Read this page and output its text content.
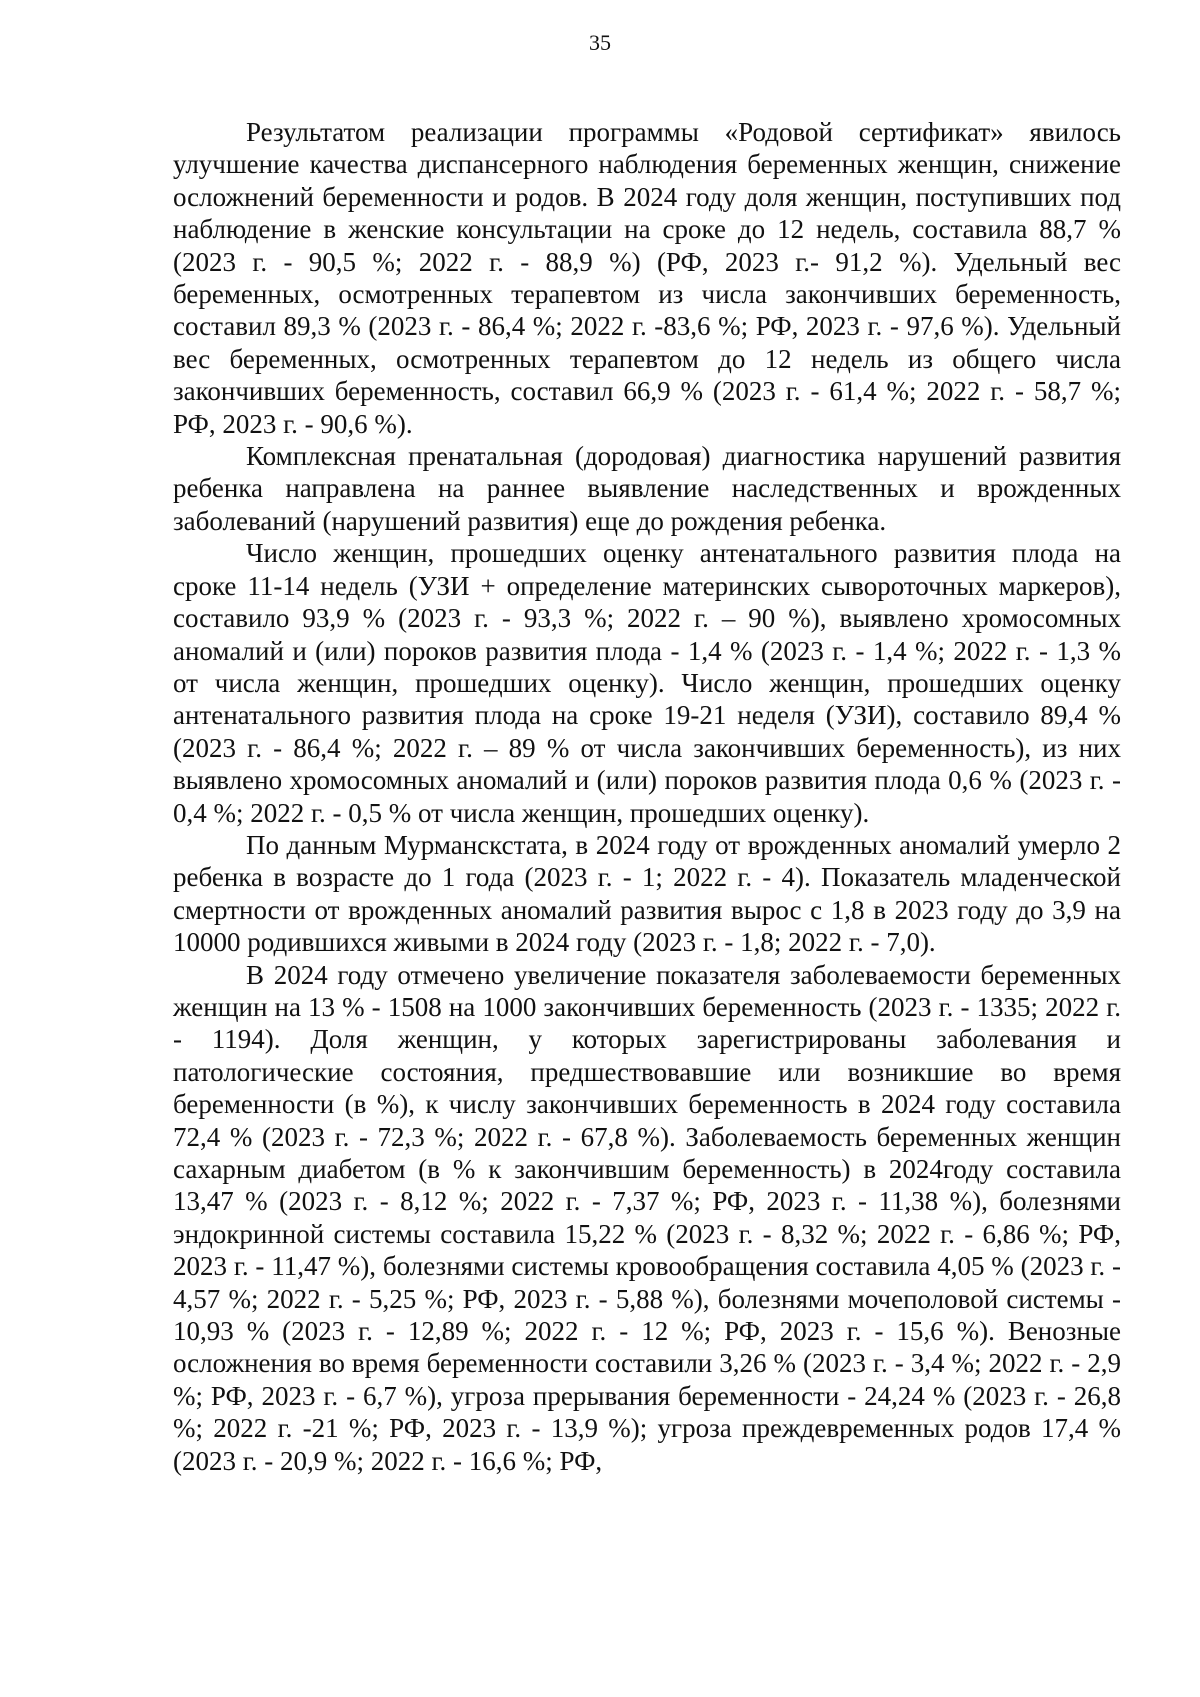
35

Результатом реализации программы «Родовой сертификат» явилось улучшение качества диспансерного наблюдения беременных женщин, снижение осложнений беременности и родов. В 2024 году доля женщин, поступивших под наблюдение в женские консультации на сроке до 12 недель, составила 88,7 % (2023 г. - 90,5 %; 2022 г. - 88,9 %) (РФ, 2023 г.- 91,2 %). Удельный вес беременных, осмотренных терапевтом из числа закончивших беременность, составил 89,3 % (2023 г. - 86,4 %; 2022 г. -83,6 %; РФ, 2023 г. - 97,6 %). Удельный вес беременных, осмотренных терапевтом до 12 недель из общего числа закончивших беременность, составил 66,9 % (2023 г. - 61,4 %; 2022 г. - 58,7 %; РФ, 2023 г. - 90,6 %).

Комплексная пренатальная (дородовая) диагностика нарушений развития ребенка направлена на раннее выявление наследственных и врожденных заболеваний (нарушений развития) еще до рождения ребенка.

Число женщин, прошедших оценку антенатального развития плода на сроке 11-14 недель (УЗИ + определение материнских сывороточных маркеров), составило 93,9 % (2023 г. - 93,3 %; 2022 г. – 90 %), выявлено хромосомных аномалий и (или) пороков развития плода - 1,4 % (2023 г. - 1,4 %; 2022 г. - 1,3 % от числа женщин, прошедших оценку). Число женщин, прошедших оценку антенатального развития плода на сроке 19-21 неделя (УЗИ), составило 89,4 % (2023 г. - 86,4 %; 2022 г. – 89 % от числа закончивших беременность), из них выявлено хромосомных аномалий и (или) пороков развития плода 0,6 % (2023 г. - 0,4 %; 2022 г. - 0,5 % от числа женщин, прошедших оценку).

По данным Мурманскстата, в 2024 году от врожденных аномалий умерло 2 ребенка в возрасте до 1 года (2023 г. - 1; 2022 г. - 4). Показатель младенческой смертности от врожденных аномалий развития вырос с 1,8 в 2023 году до 3,9 на 10000 родившихся живыми в 2024 году (2023 г. - 1,8; 2022 г. - 7,0).

В 2024 году отмечено увеличение показателя заболеваемости беременных женщин на 13 % - 1508 на 1000 закончивших беременность (2023 г. - 1335; 2022 г. - 1194). Доля женщин, у которых зарегистрированы заболевания и патологические состояния, предшествовавшие или возникшие во время беременности (в %), к числу закончивших беременность в 2024 году составила 72,4 % (2023 г. - 72,3 %; 2022 г. - 67,8 %). Заболеваемость беременных женщин сахарным диабетом (в % к закончившим беременность) в 2024году составила 13,47 % (2023 г. - 8,12 %; 2022 г. - 7,37 %; РФ, 2023 г. - 11,38 %), болезнями эндокринной системы составила 15,22 % (2023 г. - 8,32 %; 2022 г. - 6,86 %; РФ, 2023 г. - 11,47 %), болезнями системы кровообращения составила 4,05 % (2023 г. - 4,57 %; 2022 г. - 5,25 %; РФ, 2023 г. - 5,88 %), болезнями мочеполовой системы - 10,93 % (2023 г. - 12,89 %; 2022 г. - 12 %; РФ, 2023 г. - 15,6 %). Венозные осложнения во время беременности составили 3,26 % (2023 г. - 3,4 %; 2022 г. - 2,9 %; РФ, 2023 г. - 6,7 %), угроза прерывания беременности - 24,24 % (2023 г. - 26,8 %; 2022 г. -21 %; РФ, 2023 г. - 13,9 %); угроза преждевременных родов 17,4 % (2023 г. - 20,9 %; 2022 г. - 16,6 %; РФ,
